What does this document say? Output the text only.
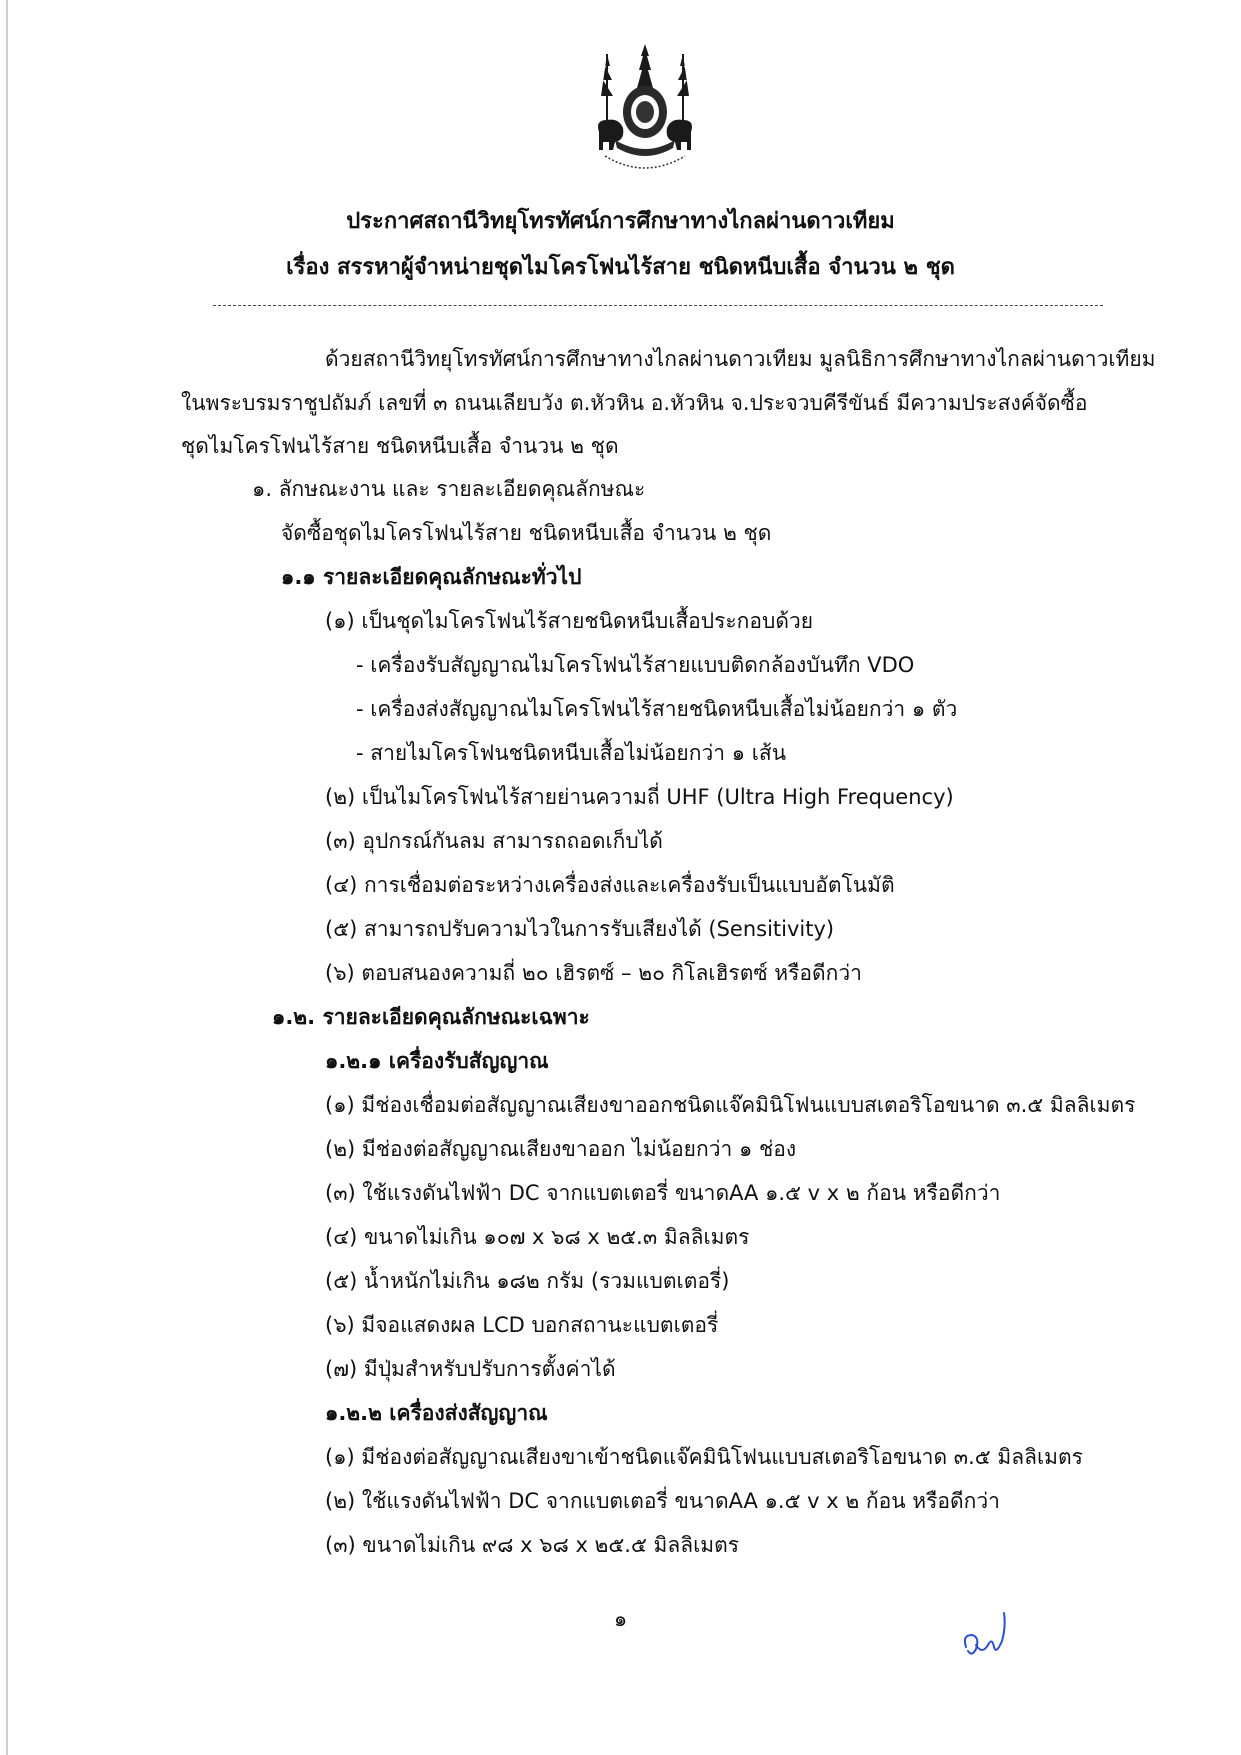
ประกาศสถานีวิทยุโทรทัศน์การศึกษาทางไกลผ่านดาวเทียม
เรื่อง สรรหาผู้จำหน่ายชุดไมโครโฟนไร้สาย ชนิดหนีบเสื้อ จำนวน ๒ ชุด
ด้วยสถานีวิทยุโทรทัศน์การศึกษาทางไกลผ่านดาวเทียม มูลนิธิการศึกษาทางไกลผ่านดาวเทียม
ในพระบรมราชูปถัมภ์ เลขที่ ๓ ถนนเลียบวัง ต.หัวหิน อ.หัวหิน จ.ประจวบคีรีขันธ์ มีความประสงค์จัดซื้อ
ชุดไมโครโฟนไร้สาย ชนิดหนีบเสื้อ จำนวน ๒ ชุด
๑. ลักษณะงาน และ รายละเอียดคุณลักษณะ
จัดซื้อชุดไมโครโฟนไร้สาย ชนิดหนีบเสื้อ จำนวน ๒ ชุด
๑.๑ รายละเอียดคุณลักษณะทั่วไป
(๑) เป็นชุดไมโครโฟนไร้สายชนิดหนีบเสื้อประกอบด้วย
- เครื่องรับสัญญาณไมโครโฟนไร้สายแบบติดกล้องบันทึก VDO
- เครื่องส่งสัญญาณไมโครโฟนไร้สายชนิดหนีบเสื้อไม่น้อยกว่า ๑ ตัว
- สายไมโครโฟนชนิดหนีบเสื้อไม่น้อยกว่า ๑ เส้น
(๒) เป็นไมโครโฟนไร้สายย่านความถี่ UHF (Ultra High Frequency)
(๓) อุปกรณ์กันลม สามารถถอดเก็บได้
(๔) การเชื่อมต่อระหว่างเครื่องส่งและเครื่องรับเป็นแบบอัตโนมัติ
(๕) สามารถปรับความไวในการรับเสียงได้ (Sensitivity)
(๖) ตอบสนองความถี่ ๒๐ เฮิรตซ์ – ๒๐ กิโลเฮิรตซ์ หรือดีกว่า
๑.๒. รายละเอียดคุณลักษณะเฉพาะ
๑.๒.๑ เครื่องรับสัญญาณ
(๑) มีช่องเชื่อมต่อสัญญาณเสียงขาออกชนิดแจ๊คมินิโฟนแบบสเตอริโอขนาด ๓.๕ มิลลิเมตร
(๒) มีช่องต่อสัญญาณเสียงขาออก ไม่น้อยกว่า ๑ ช่อง
(๓) ใช้แรงดันไฟฟ้า DC จากแบตเตอรี่ ขนาดAA ๑.๕ v x ๒ ก้อน หรือดีกว่า
(๔) ขนาดไม่เกิน ๑๐๗ x ๖๘ x ๒๕.๓ มิลลิเมตร
(๕) น้ำหนักไม่เกิน ๑๘๒ กรัม (รวมแบตเตอรี่)
(๖) มีจอแสดงผล LCD บอกสถานะแบตเตอรี่
(๗) มีปุ่มสำหรับปรับการตั้งค่าได้
๑.๒.๒ เครื่องส่งสัญญาณ
(๑) มีช่องต่อสัญญาณเสียงขาเข้าชนิดแจ๊คมินิโฟนแบบสเตอริโอขนาด ๓.๕ มิลลิเมตร
(๒) ใช้แรงดันไฟฟ้า DC จากแบตเตอรี่ ขนาดAA ๑.๕ v x ๒ ก้อน หรือดีกว่า
(๓) ขนาดไม่เกิน ๙๘ x ๖๘ x ๒๕.๕ มิลลิเมตร
๑
